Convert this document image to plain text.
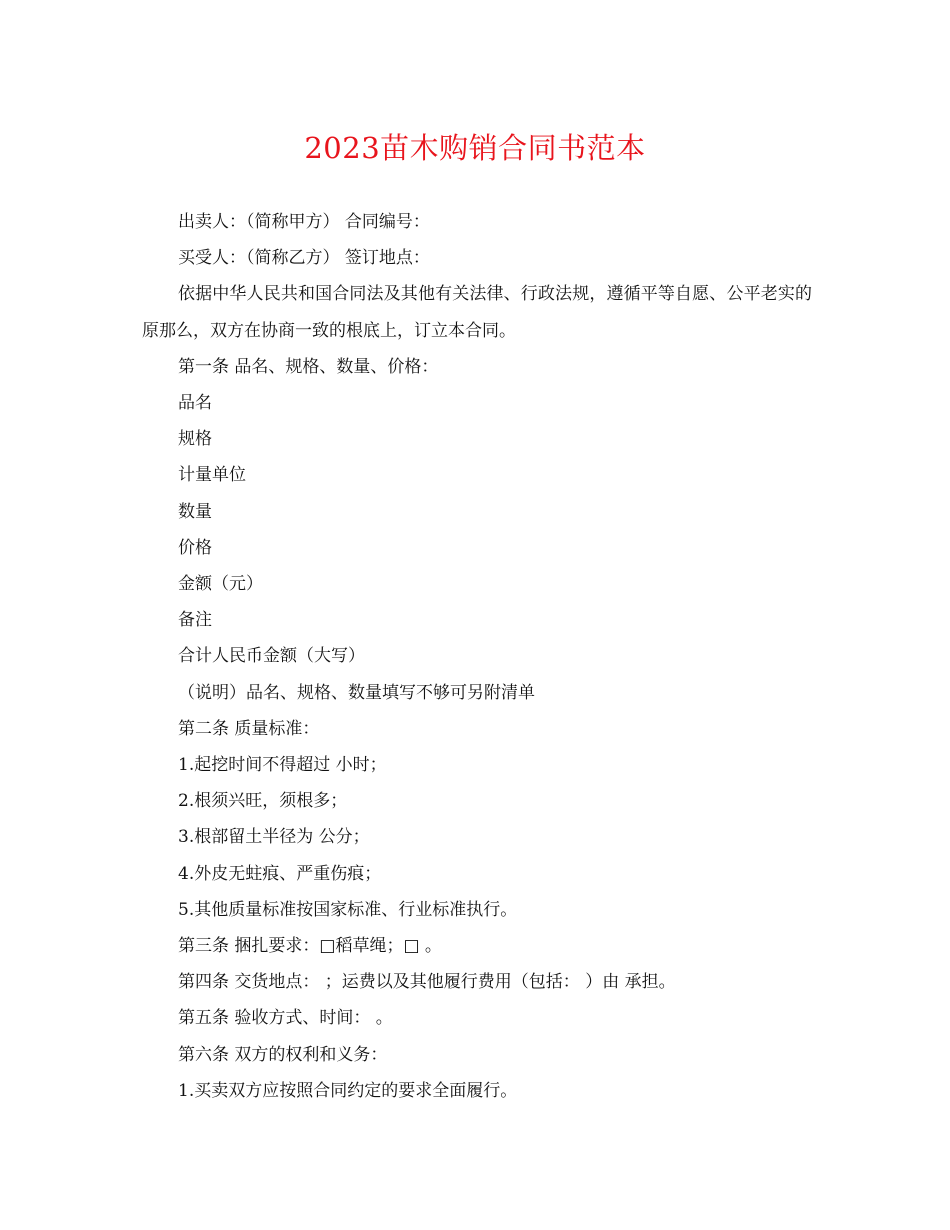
2023苗木购销合同书范本

出卖人：（简称甲方） 合同编号：

买受人：（简称乙方） 签订地点：

依据中华人民共和国合同法及其他有关法律、行政法规，遵循平等自愿、公平老实的原那么，双方在协商一致的根底上，订立本合同。

第一条 品名、规格、数量、价格：

品名

规格

计量单位

数量

价格

金额（元）

备注

合计人民币金额（大写）

（说明）品名、规格、数量填写不够可另附清单

第二条 质量标准：

1.起挖时间不得超过 小时；

2.根须兴旺，须根多；

3.根部留土半径为 公分；

4.外皮无蛀痕、严重伤痕；

5.其他质量标准按国家标准、行业标准执行。

第三条 捆扎要求：□稻草绳；□ 。

第四条 交货地点： ；运费以及其他履行费用（包括： ）由 承担。

第五条 验收方式、时间： 。

第六条 双方的权利和义务：

1.买卖双方应按照合同约定的要求全面履行。
